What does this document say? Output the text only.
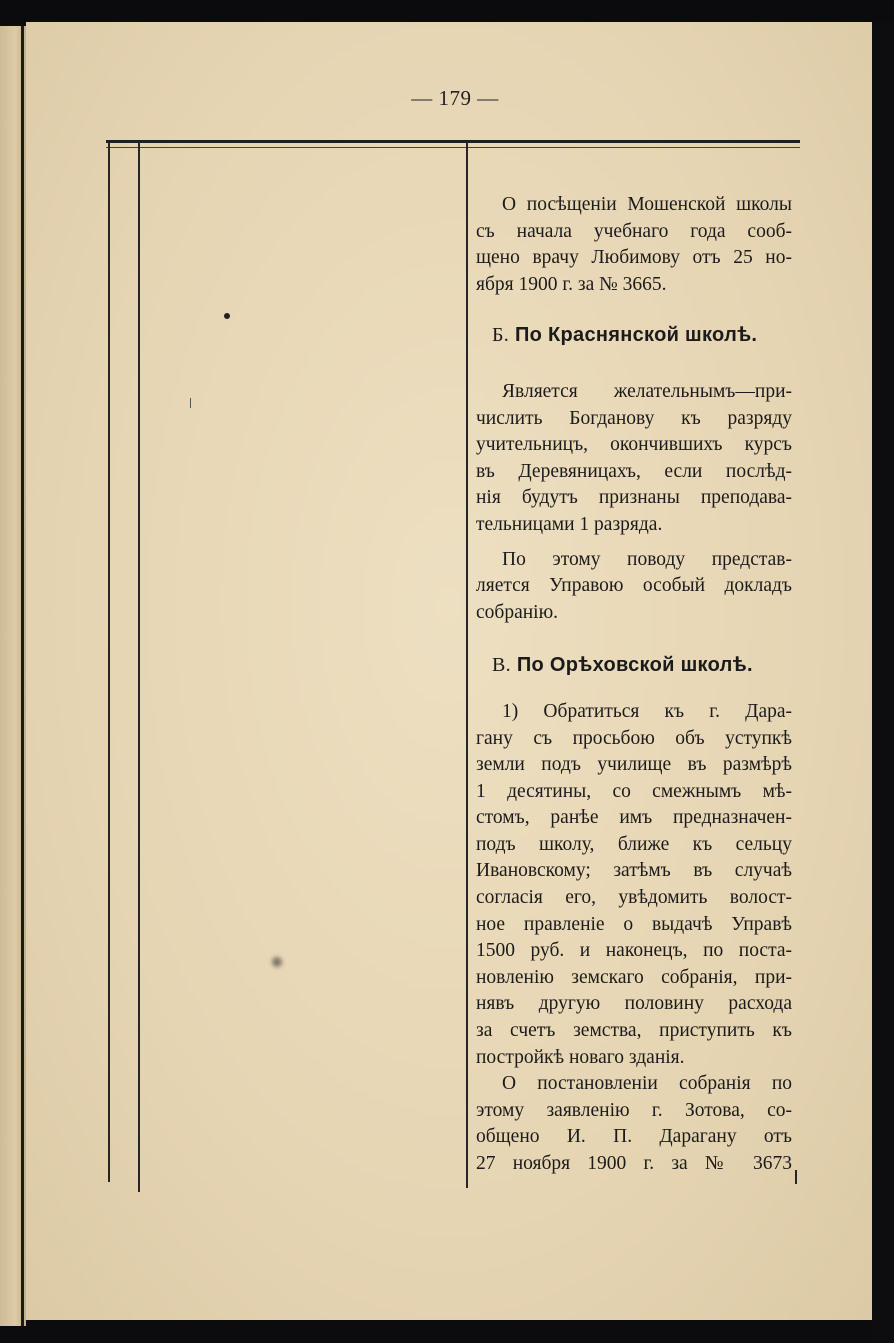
— 179 —

О посѣщеніи Мошенской школы

съ начала учебнаго года сооб-
щено врачу Любимову отъ 25 но-
ября 1900 г. за № 3665.
Б. По Краснянской школѣ.
Является желательнымъ—при-
числить Богданову къ разряду
учительницъ, окончившихъ курсъ
въ Деревяницахъ, если послѣд-
нія будутъ признаны преподава-
тельницами 1 разряда.
По этому поводу представ-
ляется Управою особый докладъ
собранію.
В. По Орѣховской школѣ.
1) Обратиться къ г. Дара-
гану съ просьбою объ уступкѣ
земли подъ училище въ размѣрѣ
1 десятины, со смежнымъ мѣ-
стомъ, ранѣе имъ предназначен-
подъ школу, ближе къ сельцу
Ивановскому; затѣмъ въ случаѣ
согласія его, увѣдомить волост-
ное правленіе о выдачѣ Управѣ
1500 руб. и наконецъ, по поста-
новленію земскаго собранія, при-
нявъ другую половину расхода
за счетъ земства, приступить къ
постройкѣ новаго зданія.
О постановленіи собранія по
этому заявленію г. Зотова, со-
общено И. П. Дарагану отъ
27 ноября 1900 г. за № 3673
